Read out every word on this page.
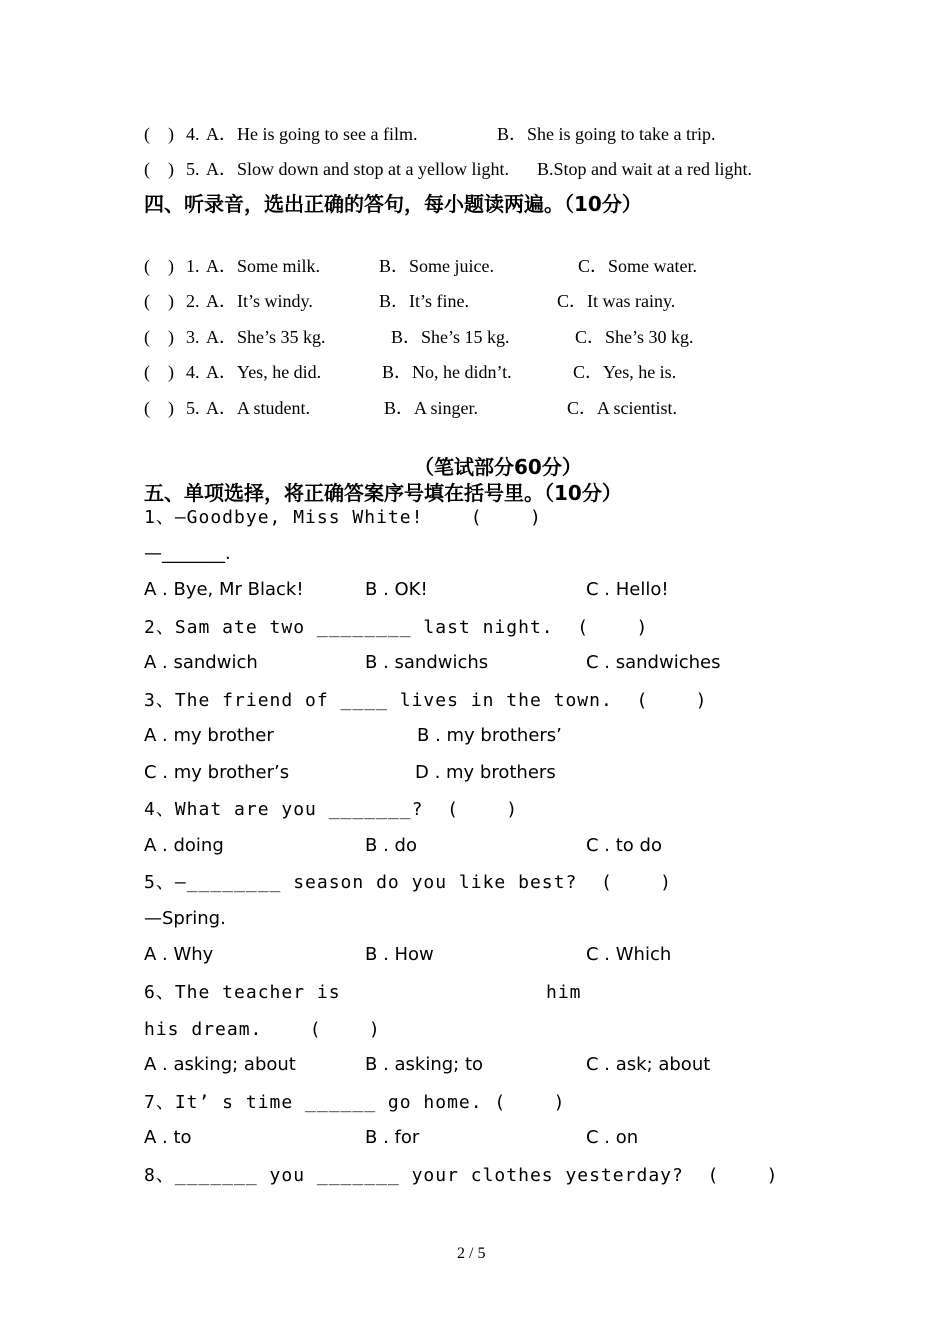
(    ) 4. A．He is going to see a film.	B．She is going to take a trip.
(    ) 5. A．Slow down and stop at a yellow light. B.Stop and wait at a red light.
四、听录音，选出正确的答句，每小题读两遍。（10分）
(    ) 1. A．Some milk.	B．Some juice.	C．Some water.
(    ) 2. A．It’s windy.	B．It’s fine.	C．It was rainy.
(    ) 3. A．She’s 35 kg.	B．She’s 15 kg.	C．She’s 30 kg.
(    ) 4. A．Yes, he did.	B．No, he didn’t.	C．Yes, he is.
(    ) 5. A．A student.	B．A singer.	C．A scientist.
（笔试部分60分）
五、单项选择，将正确答案序号填在括号里。（10分）
1、—Goodbye, Miss White!    (    )
—_______.
A . Bye, Mr Black!	B . OK!	C . Hello!
2、Sam ate two ________ last night.  (    )
A . sandwich	B . sandwichs	C . sandwiches
3、The friend of ____ lives in the town.  (    )
A . my brother	B . my brothers’
C . my brother’s	D . my brothers
4、What are you _______?  (    )
A . doing	B . do	C . to do
5、—________ season do you like best?  (    )
—Spring.
A . Why	B . How	C . Which
6、The teacher is	him
his dream.    (    )
A . asking; about	B . asking; to	C . ask; about
7、It’ s time ______ go home. (    )
A . to	B . for	C . on
8、_______ you _______ your clothes yesterday?  (    )
2 / 5
